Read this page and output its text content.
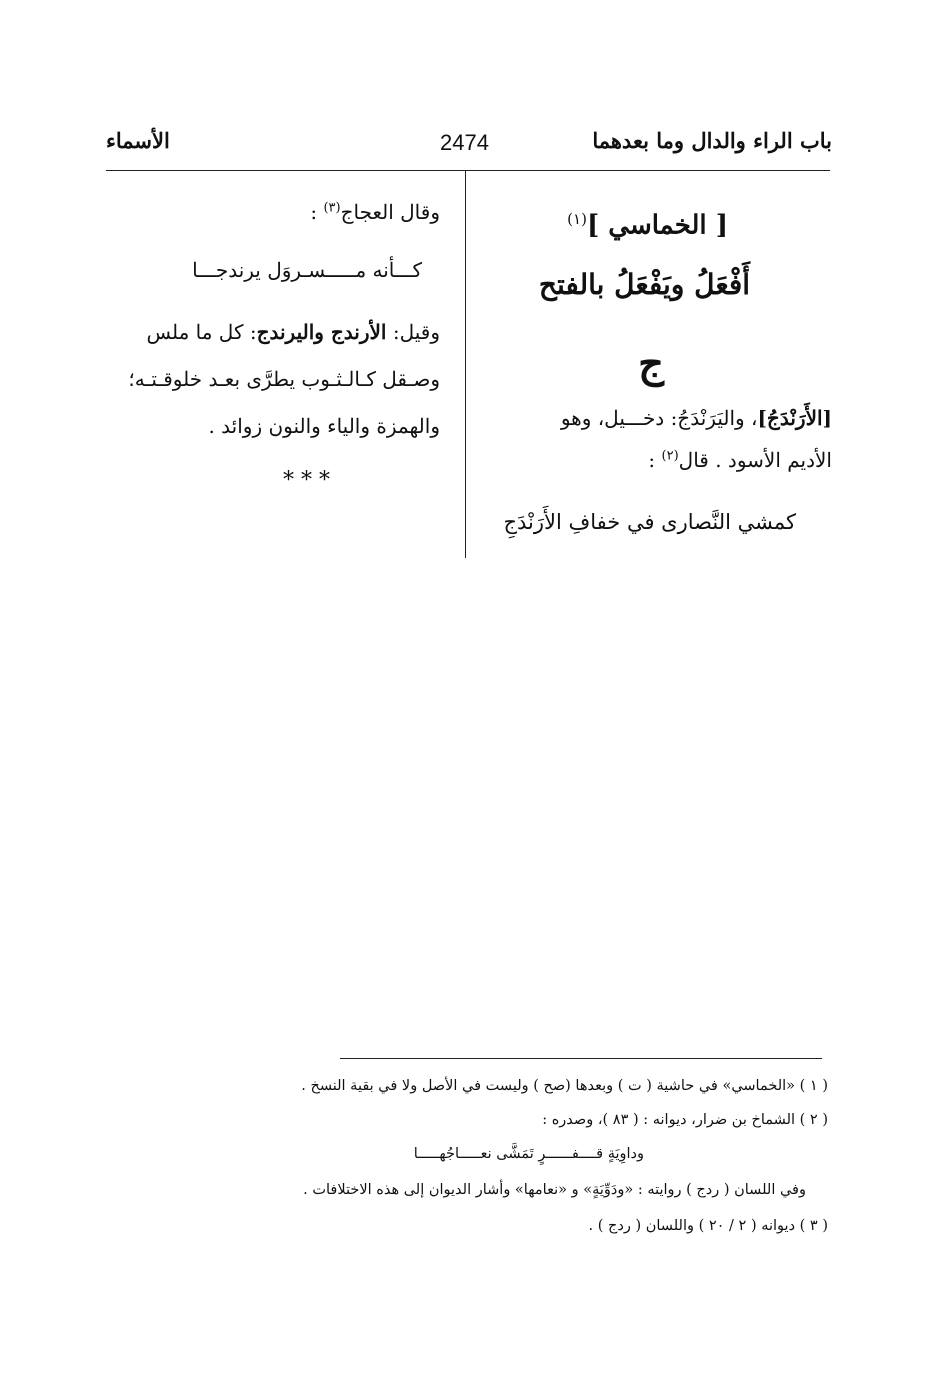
باب الراء والدال وما بعدهما
2474
الأسماء
[ الخماسي ]$^{(١)}$
أَفْعَلُ ويَفْعَلُ بالفتح
ج
[الأَرَنْدَجُ]، واليَرَنْدَجُ: دخـــيل، وهو
الأديم الأسود . قال$^{(٢)}$ :
كمشي النَّصارى في خفافِ الأَرَنْدَجِ
وقال العجاج$^{(٣)}$ :
كـــأنه مـــــسـروَل يرندجـــا
وقيل: الأرندج واليرندج: كل ما ملس
وصـقل كـالـثـوب يطرَّى بعـد خلوقـتـه؛
والهمزة والياء والنون زوائد .
* * *
( ١ ) «الخماسي» في حاشية ( ت ) وبعدها (صح ) وليست في الأصل ولا في بقية النسخ .
( ٢ ) الشماخ بن ضرار، ديوانه : ( ٨٣ )، وصدره :
وداوِيَةٍ قــــفــــــرٍ تَمَشَّى نعـــــاجُهـــــا
وفي اللسان ( ردج ) روايته : «ودَوِّيَةٍ» و «نعامها» وأشار الديوان إلى هذه الاختلافات .
( ٣ ) ديوانه ( ٢ / ٢٠ ) واللسان ( ردج ) .
